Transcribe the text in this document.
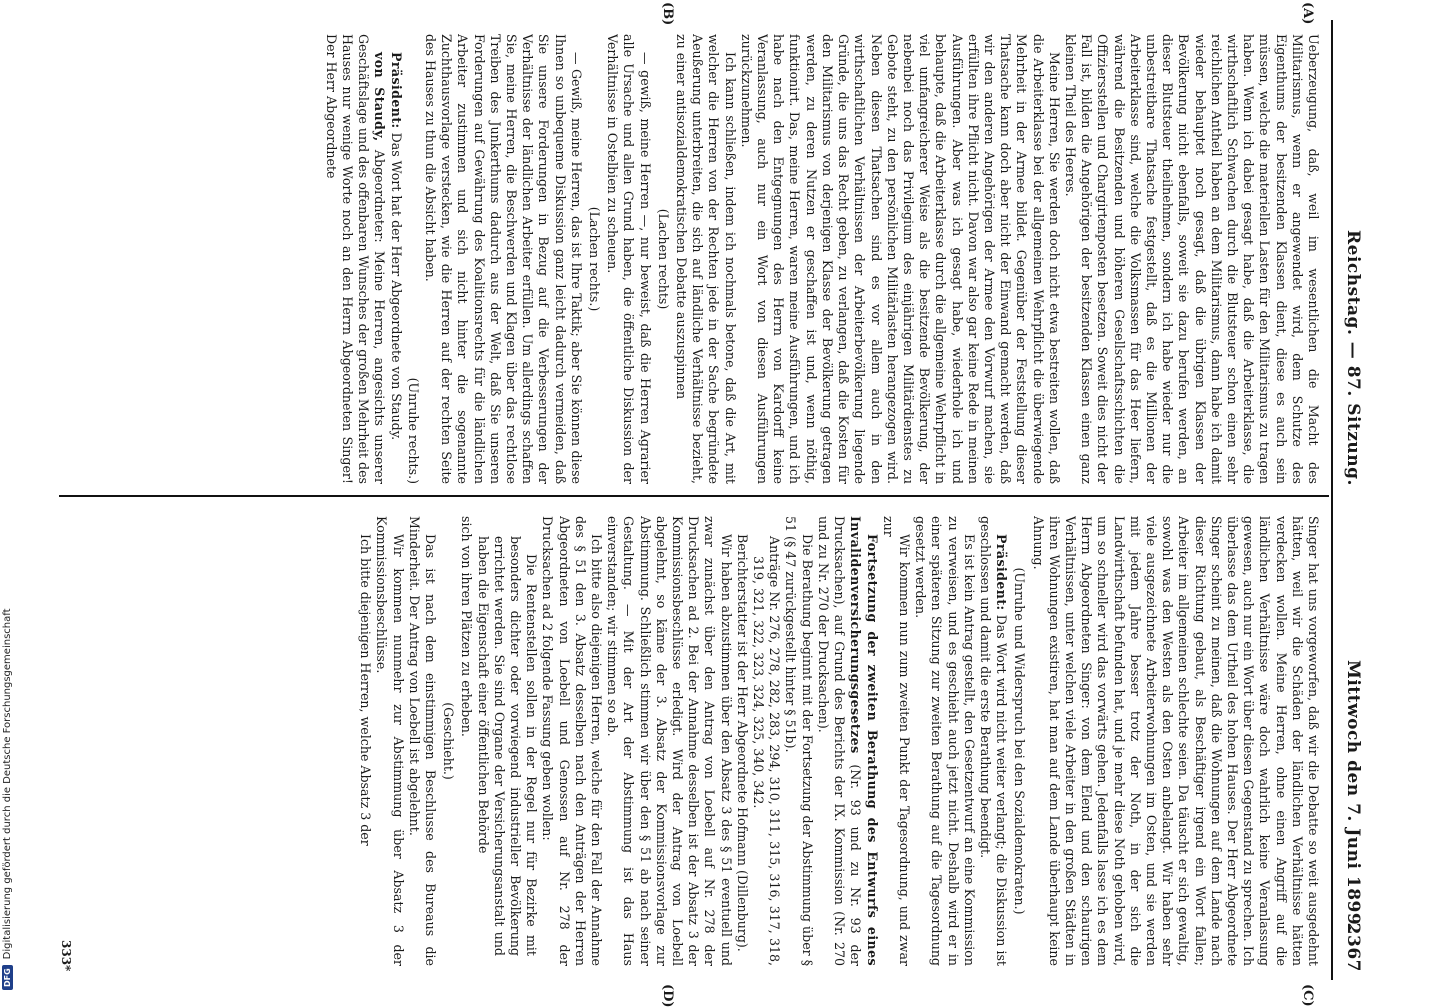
DFG
Digitalisierung gefördert durch die Deutsche Forschungsgemeinschaft
Reichstag. — 87. Sitzung.
Mittwoch den 7. Juni 1899.
2367
(A)
(B)
(C)
(D)

Ueberzeugung, daß, weil im wesentlichen die Macht des Militarismus, wenn er angewendet wird, dem Schutze des Eigenthums der besitzenden Klassen dient, diese es auch sein müssen, welche die materiellen Lasten für den Militarismus zu tragen haben. Wenn ich dabei gesagt habe, daß die Arbeiterklasse, die wirthschaftlich Schwachen durch die Blutsteuer schon einen sehr reichlichen Antheil haben an dem Militarismus, dann habe ich damit wieder behauptet noch gesagt, daß die übrigen Klassen der Bevölkerung nicht ebenfalls, soweit sie dazu berufen werden, an dieser Blutsteuer theilnehmen, sondern ich habe wieder nur die unbestreitbare Thatsache festgestellt, daß es die Millionen der Arbeiterklasse sind, welche die Volksmassen für das Heer liefern, während die Besitzenden und höheren Gesellschaftsschichten die Offiziersstellen und Chargirtenposten besetzen. Soweit dies nicht der Fall ist, bilden die Angehörigen der besitzenden Klassen einen ganz kleinen Theil des Heeres.

Meine Herren, Sie werden doch nicht etwa bestreiten wollen, daß die Arbeiterklasse bei der allgemeinen Wehrpflicht die überwiegende Mehrheit in der Armee bildet. Gegenüber der Feststellung dieser Thatsache kann doch aber nicht der Einwand gemacht werden, daß wir den anderen Angehörigen der Armee den Vorwurf machen, sie erfüllten ihre Pflicht nicht. Davon war also gar keine Rede in meinen Ausführungen. Aber was ich gesagt habe, wiederhole ich und behaupte, daß die Arbeiterklasse durch die allgemeine Wehrpflicht in viel umfangreicherer Weise als die besitzende Bevölkerung, der nebenbei noch das Privilegium des einjährigen Militärdienstes zu Gebote steht, zu den persönlichen Militärlasten herangezogen wird. Neben diesen Thatsachen sind es vor allem auch in den wirthschaftlichen Verhältnissen der Arbeiterbevölkerung liegende Gründe, die uns das Recht geben, zu verlangen, daß die Kosten für den Militarismus von derjenigen Klasse der Bevölkerung getragen werden, zu deren Nutzen er geschaffen ist und, wenn nöthig, funktionirt. Das, meine Herren, waren meine Ausführungen, und ich habe nach den Entgegnungen des Herrn von Kardorff keine Veranlassung, auch nur ein Wort von diesen Ausführungen zurückzunehmen.

Ich kann schließen, indem ich nochmals betone, daß die Art, mit welcher die Herren von der Rechten jede in der Sache begründete Aeußerung unterbreiten, die sich auf ländliche Verhältnisse bezieht, zu einer antisozialdemokratischen Debatte auszuspinnen

(Lachen rechts)

— gewiß, meine Herren —, nur beweist, daß die Herren Agrarier alle Ursache und allen Grund haben, die öffentliche Diskussion der Verhältnisse in Ostelbien zu scheuen.

(Lachen rechts.)

— Gewiß, meine Herren, das ist Ihre Taktik; aber Sie können diese Ihnen so unbequeme Diskussion ganz leicht dadurch vermeiden, daß Sie unsere Forderungen in Bezug auf die Verbesserungen der Verhältnisse der ländlichen Arbeiter erfüllen. Um allerdings schaffen Sie, meine Herren, die Beschwerden und Klagen über das rechtlose Treiben des Junkerthums dadurch aus der Welt, daß Sie unseren Forderungen auf Gewährung des Koalitionsrechts für die ländlichen Arbeiter zustimmen und sich nicht hinter die sogenannte Zuchthausvorlage verstecken, wie die Herren auf der rechten Seite des Hauses zu thun die Absicht haben.

(Unruhe rechts.)

Präsident: Das Wort hat der Herr Abgeordnete von Staudy.

von Staudy, Abgeordneter: Meine Herren, angesichts unserer Geschäftslage und des offenbaren Wunsches der großen Mehrheit des Hauses nur wenige Worte noch an den Herrn Abgeordneten Singer! Der Herr Abgeordnete

Singer hat uns vorgeworfen, daß wir die Debatte so weit ausgedehnt hätten, weil wir die Schäden der ländlichen Verhältnisse hätten verdecken wollen. Meine Herren, ohne einen Angriff auf die ländlichen Verhältnisse wäre doch wahrlich keine Veranlassung gewesen, auch nur ein Wort über diesen Gegenstand zu sprechen. Ich überlasse das dem Urtheil des hohen Hauses. Der Herr Abgeordnete Singer scheint zu meinen, daß die Wohnungen auf dem Lande nach dieser Richtung gebaut, als Beschäftiger irgend ein Wort fallen; Arbeiter im allgemeinen schlechte seien. Da täuscht er sich gewaltig, sowohl was den Westen als den Osten anbelangt. Wir haben sehr viele ausgezeichnete Arbeiterwohnungen im Osten, und sie werden mit jedem Jahre besser trotz der Noth, in der sich die Landwirthschaft befunden hat, und je mehr diese Noth gehoben wird, um so schneller wird das vorwärts gehen. Jedenfalls lasse ich es dem Herrn Abgeordneten Singer: von dem Elend und den schaurigen Verhältnissen, unter welchen viele Arbeiter in den großen Städten in ihren Wohnungen existiren, hat man auf dem Lande überhaupt keine Ahnung.

(Unruhe und Widerspruch bei den Sozialdemokraten.)

Präsident: Das Wort wird nicht weiter verlangt; die Diskussion ist geschlossen und damit die erste Berathung beendigt.

Es ist kein Antrag gestellt, den Gesetzentwurf an eine Kommission zu verweisen, und es geschieht auch jetzt nicht. Deshalb wird er in einer späteren Sitzung zur zweiten Berathung auf die Tagesordnung gesetzt werden.

Wir kommen nun zum zweiten Punkt der Tagesordnung, und zwar zur

Fortsetzung der zweiten Berathung des Entwurfs eines Invalidenversicherungsgesetzes (Nr. 93 und zu Nr. 93 der Drucksachen), auf Grund des Berichts der IX. Kommission (Nr. 270 und zu Nr. 270 der Drucksachen).

Die Berathung beginnt mit der Fortsetzung der Abstimmung über § 51 (§ 47 zurückgestellt hinter § 51b).

Anträge Nr. 276, 278, 282, 283, 294, 310, 311, 315, 316, 317, 318, 319, 321, 322, 323, 324, 325, 340, 342.

Berichterstatter ist der Herr Abgeordnete Hofmann (Dillenburg).

Wir haben abzustimmen über den Absatz 3 des § 51 eventuell und zwar zunächst über den Antrag von Loebell auf Nr. 278 der Drucksachen ad 2. Bei der Annahme desselben ist der Absatz 3 der Kommissionsbeschlüsse erledigt. Wird der Antrag von Loebell abgelehnt, so käme der 3. Absatz der Kommissionsvorlage zur Abstimmung. Schließlich stimmen wir über den § 51 ab nach seiner Gestaltung. — Mit der Art der Abstimmung ist das Haus einverstanden; wir stimmen so ab.

Ich bitte also diejenigen Herren, welche für den Fall der Annahme des § 51 den 3. Absatz desselben nach den Anträgen der Herren Abgeordneten von Loebell und Genossen auf Nr. 278 der Drucksachen ad 2 folgende Fassung geben wollen:

Die Rentenstellen sollen in der Regel nur für Bezirke mit besonders dichter oder vorwiegend industrieller Bevölkerung errichtet werden. Sie sind Organe der Versicherungsanstalt und haben die Eigenschaft einer öffentlichen Behörde

sich von ihren Plätzen zu erheben.

(Geschieht.)

Das ist nach dem einstimmigen Beschlusse des Bureaus die Minderheit. Der Antrag von Loebell ist abgelehnt.

Wir kommen nunmehr zur Abstimmung über Absatz 3 der Kommissionsbeschlüsse.

Ich bitte diejenigen Herren, welche Absatz 3 der

333*
